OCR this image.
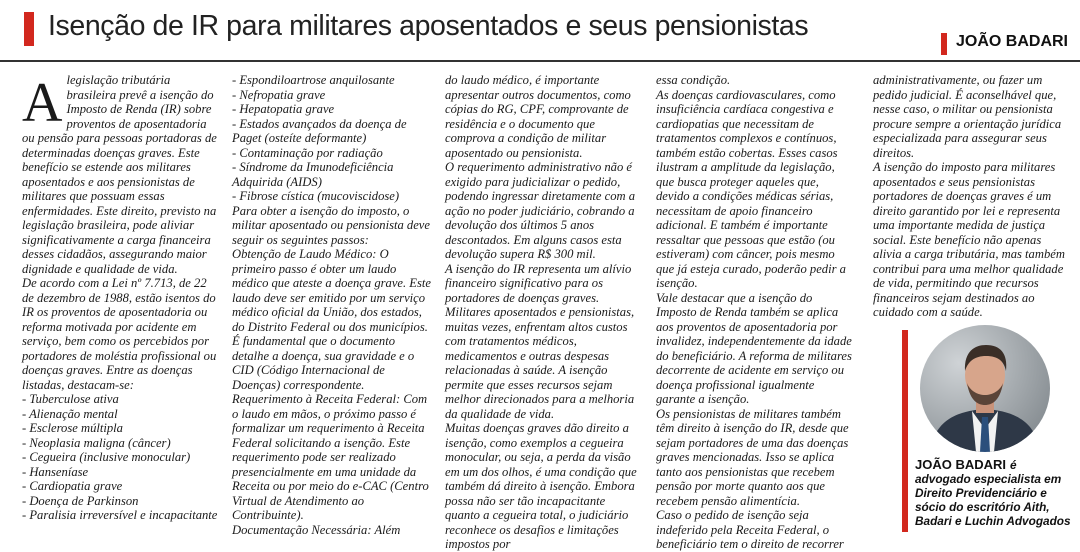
Isenção de IR para militares aposentados e seus pensionistas	JOÃO BADARI

Alegislação tributária brasileira prevê a isenção do Imposto de Renda (IR) sobre proventos de aposentadoria ou pensão para pessoas portadoras de determinadas doenças graves. Este benefício se estende aos militares aposentados e aos pensionistas de militares que possuam essas enfermidades. Este direito, previsto na legislação brasileira, pode aliviar significativamente a carga financeira desses cidadãos, assegurando maior dignidade e qualidade de vida.

De acordo com a Lei nº 7.713, de 22 de dezembro de 1988, estão isentos do IR os proventos de aposentadoria ou reforma motivada por acidente em serviço, bem como os percebidos por portadores de moléstia profissional ou doenças graves. Entre as doenças listadas, destacam-se:

- Tuberculose ativa

- Alienação mental

- Esclerose múltipla

- Neoplasia maligna (câncer)

- Cegueira (inclusive monocular)

- Hanseníase

- Cardiopatia grave

- Doença de Parkinson

- Paralisia irreversível e incapacitante

- Espondiloartrose anquilosante

- Nefropatia grave

- Hepatopatia grave

- Estados avançados da doença de Paget (osteíte deformante)

- Contaminação por radiação

- Síndrome da Imunodeficiência Adquirida (AIDS)

- Fibrose cística (mucoviscidose)

Para obter a isenção do imposto, o militar aposentado ou pensionista deve seguir os seguintes passos:

Obtenção de Laudo Médico: O primeiro passo é obter um laudo médico que ateste a doença grave. Este laudo deve ser emitido por um serviço médico oficial da União, dos estados, do Distrito Federal ou dos municípios. É fundamental que o documento detalhe a doença, sua gravidade e o CID (Código Internacional de Doenças) correspondente.

Requerimento à Receita Federal: Com o laudo em mãos, o próximo passo é formalizar um requerimento à Receita Federal solicitando a isenção. Este requerimento pode ser realizado presencialmente em uma unidade da Receita ou por meio do e-CAC (Centro Virtual de Atendimento ao Contribuinte).

Documentação Necessária: Além

do laudo médico, é importante apresentar outros documentos, como cópias do RG, CPF, comprovante de residência e o documento que comprova a condição de militar aposentado ou pensionista.

O requerimento administrativo não é exigido para judicializar o pedido, podendo ingressar diretamente com a ação no poder judiciário, cobrando a devolução dos últimos 5 anos descontados. Em alguns casos esta devolução supera R$ 300 mil.

A isenção do IR representa um alívio financeiro significativo para os portadores de doenças graves. Militares aposentados e pensionistas, muitas vezes, enfrentam altos custos com tratamentos médicos, medicamentos e outras despesas relacionadas à saúde. A isenção permite que esses recursos sejam melhor direcionados para a melhoria da qualidade de vida.

Muitas doenças graves dão direito a isenção, como exemplos a cegueira monocular, ou seja, a perda da visão em um dos olhos, é uma condição que também dá direito à isenção. Embora possa não ser tão incapacitante quanto a cegueira total, o judiciário reconhece os desafios e limitações impostos por

essa condição.

As doenças cardiovasculares, como insuficiência cardíaca congestiva e cardiopatias que necessitam de tratamentos complexos e contínuos, também estão cobertas. Esses casos ilustram a amplitude da legislação, que busca proteger aqueles que, devido a condições médicas sérias, necessitam de apoio financeiro adicional. E também é importante ressaltar que pessoas que estão (ou estiveram) com câncer, pois mesmo que já esteja curado, poderão pedir a isenção.

Vale destacar que a isenção do Imposto de Renda também se aplica aos proventos de aposentadoria por invalidez, independentemente da idade do beneficiário. A reforma de militares decorrente de acidente em serviço ou doença profissional igualmente garante a isenção.

Os pensionistas de militares também têm direito à isenção do IR, desde que sejam portadores de uma das doenças graves mencionadas. Isso se aplica tanto aos pensionistas que recebem pensão por morte quanto aos que recebem pensão alimentícia.

Caso o pedido de isenção seja indeferido pela Receita Federal, o beneficiário tem o direito de recorrer

administrativamente, ou fazer um pedido judicial. É aconselhável que, nesse caso, o militar ou pensionista procure sempre a orientação jurídica especializada para assegurar seus direitos.

A isenção do imposto para militares aposentados e seus pensionistas portadores de doenças graves é um direito garantido por lei e representa uma importante medida de justiça social. Este benefício não apenas alivia a carga tributária, mas também contribui para uma melhor qualidade de vida, permitindo que recursos financeiros sejam destinados ao cuidado com a saúde.

JOÃO BADARI é advogado especialista em Direito Previdenciário e sócio do escritório Aith, Badari e Luchin Advogados
